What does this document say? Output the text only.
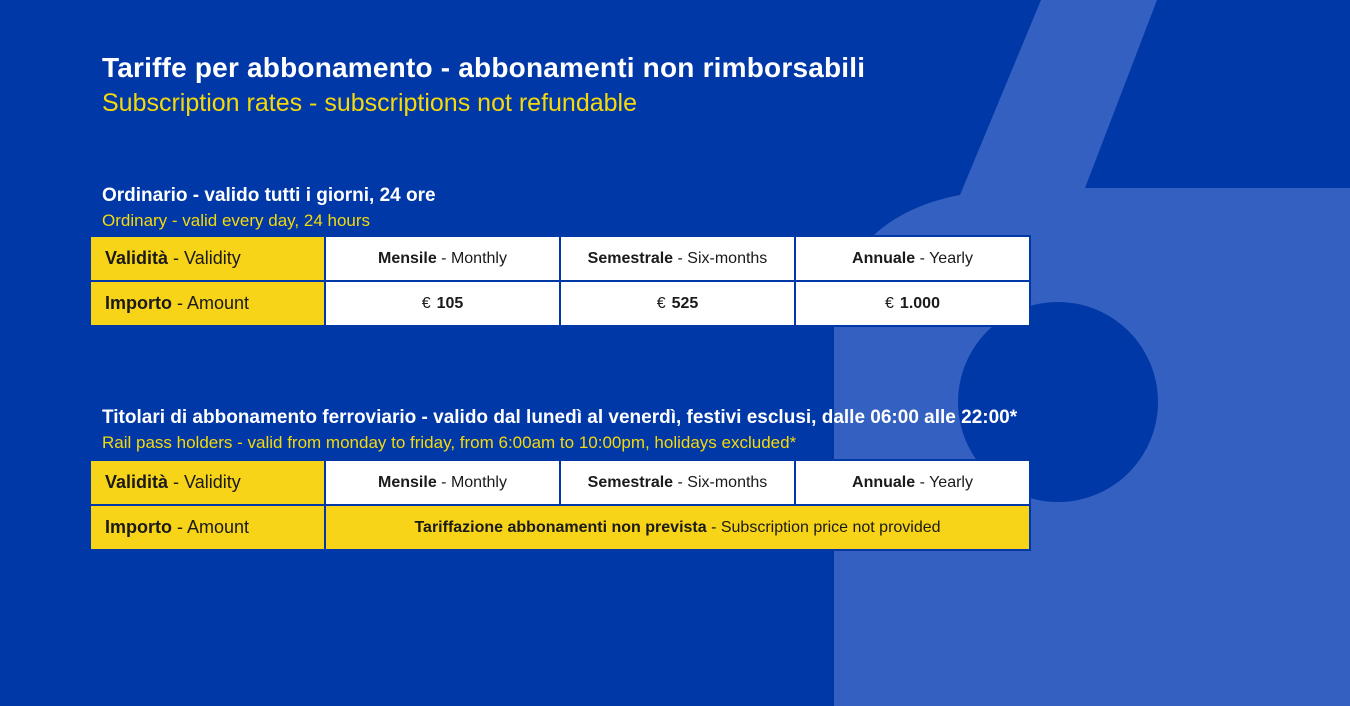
Tariffe per abbonamento - abbonamenti non rimborsabili
Subscription rates - subscriptions not refundable
Ordinario - valido tutti i giorni, 24 ore

Ordinary - valid every day, 24 hours

Validità - Validity	Mensile - Monthly	Semestrale - Six-months	Annuale - Yearly
Importo - Amount	€ 105	€ 525	€ 1.000
Titolari di abbonamento ferroviario - valido dal lunedì al venerdì, festivi esclusi, dalle 06:00 alle 22:00*

Rail pass holders - valid from monday to friday, from 6:00am to 10:00pm, holidays excluded*

Validità - Validity	Mensile - Monthly	Semestrale - Six-months	Annuale - Yearly
Importo - Amount	Tariffazione abbonamenti non prevista - Subscription price not provided		
